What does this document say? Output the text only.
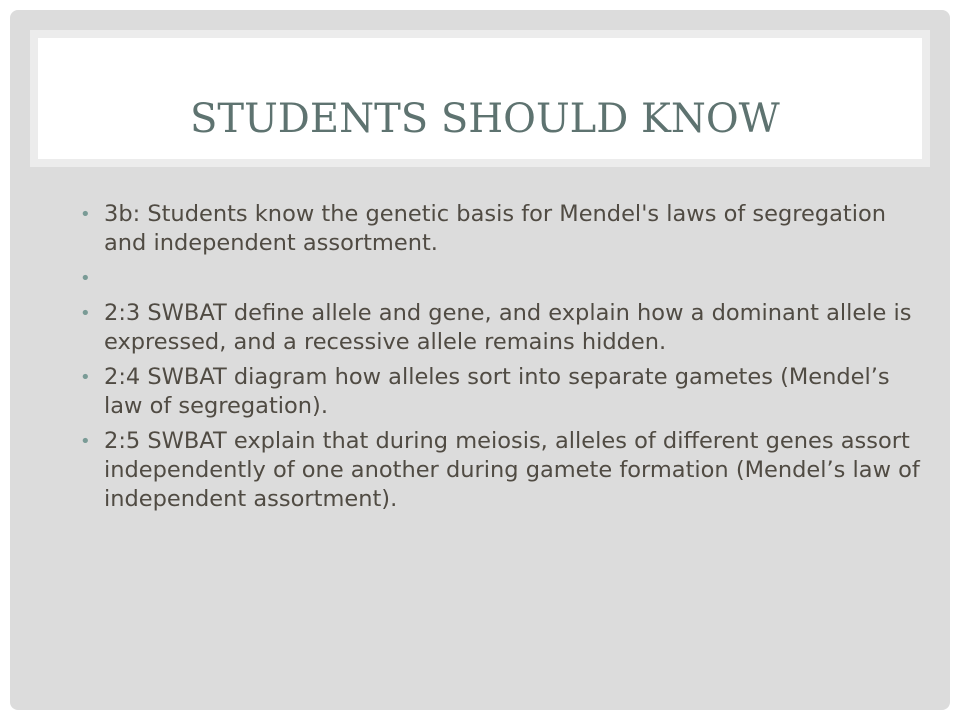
STUDENTS SHOULD KNOW
• 3b: Students know the genetic basis for Mendel's laws of segregation and independent assortment.
•
• 2:3 SWBAT define allele and gene, and explain how a dominant allele is expressed, and a recessive allele remains hidden.
• 2:4 SWBAT diagram how alleles sort into separate gametes (Mendel’s law of segregation).
• 2:5 SWBAT explain that during meiosis, alleles of different genes assort independently of one another during gamete formation (Mendel’s law of independent assortment).
